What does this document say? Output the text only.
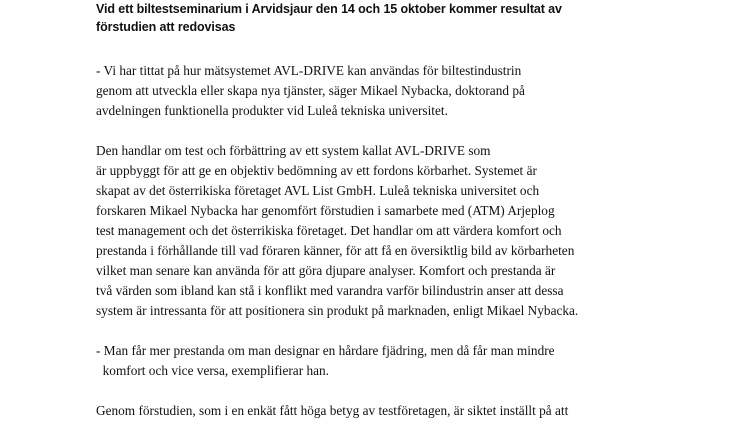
Vid ett biltestseminarium i Arvidsjaur den 14 och 15 oktober kommer resultat av
förstudien att redovisas
- Vi har tittat på hur mätsystemet AVL-DRIVE kan användas för biltestindustrin
genom att utveckla eller skapa nya tjänster, säger Mikael Nybacka, doktorand på
avdelningen funktionella produkter vid Luleå tekniska universitet.
Den handlar om test och förbättring av ett system kallat AVL-DRIVE som
är uppbyggt för att ge en objektiv bedömning av ett fordons körbarhet. Systemet är
skapat av det österrikiska företaget AVL List GmbH. Luleå tekniska universitet och
forskaren Mikael Nybacka har genomfört förstudien i samarbete med (ATM) Arjeplog
test management och det österrikiska företaget. Det handlar om att värdera komfort och
prestanda i förhållande till vad föraren känner, för att få en översiktlig bild av körbarheten
vilket man senare kan använda för att göra djupare analyser. Komfort och prestanda är
två värden som ibland kan stå i konflikt med varandra varför bilindustrin anser att dessa
system är intressanta för att positionera sin produkt på marknaden, enligt Mikael Nybacka.
- Man får mer prestanda om man designar en hårdare fjädring, men då får man mindre
komfort och vice versa, exemplifierar han.
Genom förstudien, som i en enkät fått höga betyg av testföretagen, är siktet inställt på att
